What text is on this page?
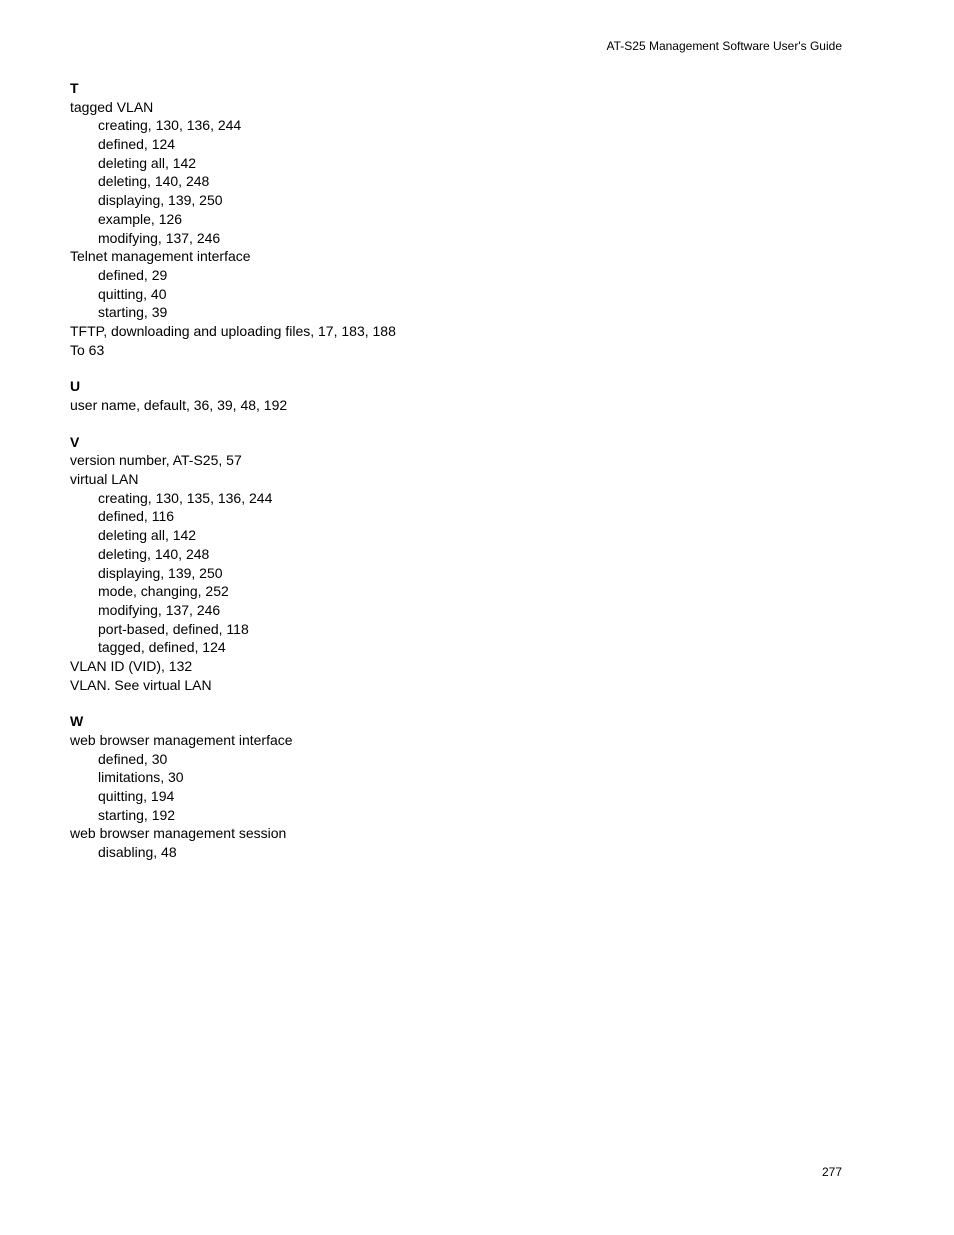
AT-S25 Management Software User's Guide
T
tagged VLAN
creating, 130, 136, 244
defined, 124
deleting all, 142
deleting, 140, 248
displaying, 139, 250
example, 126
modifying, 137, 246
Telnet management interface
defined, 29
quitting, 40
starting, 39
TFTP, downloading and uploading files, 17, 183, 188
To 63
U
user name, default, 36, 39, 48, 192
V
version number, AT-S25, 57
virtual LAN
creating, 130, 135, 136, 244
defined, 116
deleting all, 142
deleting, 140, 248
displaying, 139, 250
mode, changing, 252
modifying, 137, 246
port-based, defined, 118
tagged, defined, 124
VLAN ID (VID), 132
VLAN. See virtual LAN
W
web browser management interface
defined, 30
limitations, 30
quitting, 194
starting, 192
web browser management session
disabling, 48
277
